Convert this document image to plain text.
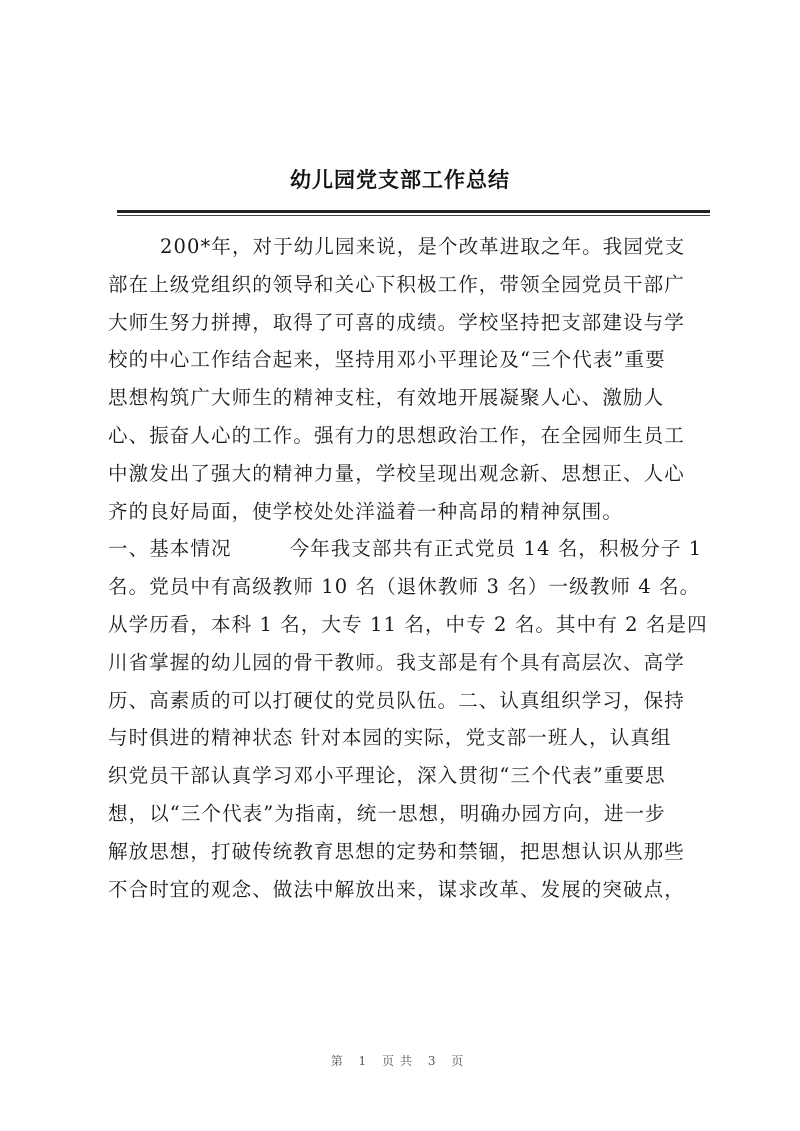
幼儿园党支部工作总结
200*年，对于幼儿园来说，是个改革进取之年。我园党支
部在上级党组织的领导和关心下积极工作，带领全园党员干部广
大师生努力拼搏，取得了可喜的成绩。学校坚持把支部建设与学
校的中心工作结合起来，坚持用邓小平理论及“三个代表”重要
思想构筑广大师生的精神支柱，有效地开展凝聚人心、激励人
心、振奋人心的工作。强有力的思想政治工作，在全园师生员工
中激发出了强大的精神力量，学校呈现出观念新、思想正、人心
齐的良好局面，使学校处处洋溢着一种高昂的精神氛围。
一、基本情况	今年我支部共有正式党员 14 名，积极分子 1
名。党员中有高级教师 10 名（退休教师 3 名）一级教师 4 名。
从学历看，本科 1 名，大专 11 名，中专 2 名。其中有 2 名是四
川省掌握的幼儿园的骨干教师。我支部是有个具有高层次、高学
历、高素质的可以打硬仗的党员队伍。二、认真组织学习，保持
与时俱进的精神状态 针对本园的实际，党支部一班人，认真组
织党员干部认真学习邓小平理论，深入贯彻“三个代表”重要思
想，以“三个代表”为指南，统一思想，明确办园方向，进一步
解放思想，打破传统教育思想的定势和禁锢，把思想认识从那些
不合时宜的观念、做法中解放出来，谋求改革、发展的突破点，
第 1 页共 3 页
